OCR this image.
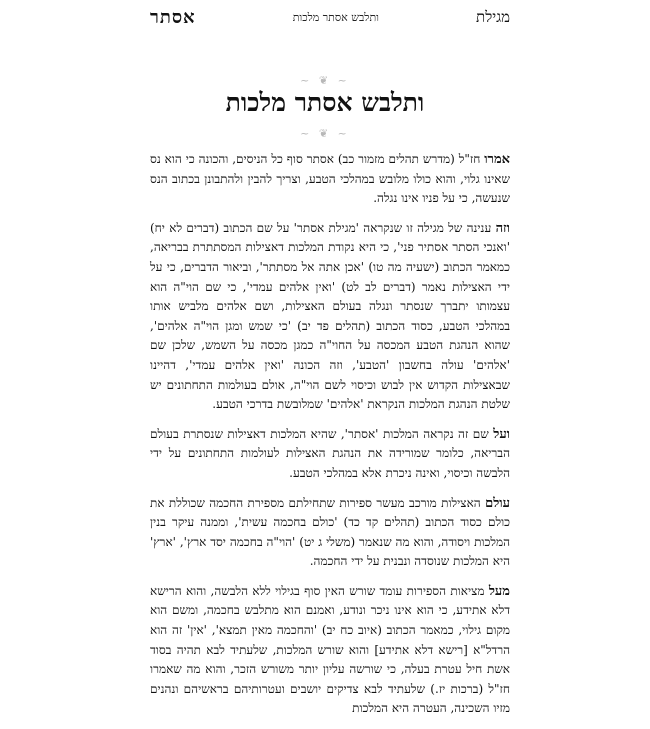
מגילת
ותלבש אסתר מלכות
אסתר
~ ❦ ~
ותלבש אסתר מלכות
~ ❦ ~

אמרו חז"ל (מדרש תהלים מזמור כב) אסתר סוף כל הניסים, והכונה כי הוא נס שאינו גלוי, והוא כולו מלובש במהלכי הטבע, וצריך להבין ולהתבונן בכתוב הנס שנעשה, כי על פניו אינו נגלה.

וזה ענינה של מגילה זו שנקראה 'מגילת אסתר' על שם הכתוב (דברים לא יח) 'ואנכי הסתר אסתיר פני', כי היא נקודת המלכות דאצילות המסתתרת בבריאה, כמאמר הכתוב (ישעיה מה טו) 'אכן אתה אל מסתתר', וביאור הדברים, כי על ידי האצילות נאמר (דברים לב לט) 'ואין אלהים עמדי', כי שם הוי"ה הוא עצמותו יתברך שנסתר ונגלה בעולם האצילות, ושם אלהים מלביש אותו במהלכי הטבע, כסוד הכתוב (תהלים פד יב) 'כי שמש ומגן הוי"ה אלהים', שהוא הנהגת הטבע המכסה על החוי"ה כמגן מכסה על השמש, שלכן שם 'אלהים' עולה בחשבון 'הטבע', וזה הכונה 'ואין אלהים עמדי', דהיינו שבאצילות הקדוש אין לבוש וכיסוי לשם הוי"ה, אולם בעולמות התחתונים יש שלטת הנהגת המלכות הנקראת 'אלהים' שמלובשת בדרכי הטבע.

ועל שם זה נקראה המלכות 'אסתר', שהיא המלכות דאצילות שנסתרת בעולם הבריאה, כלומר שמורידה את הנהגת האצילות לעולמות התחתונים על ידי הלבשה וכיסוי, ואינה ניכרת אלא במהלכי הטבע.

עולם האצילות מורכב מעשר ספירות שתחילתם מספירת החכמה שכוללת את כולם כסוד הכתוב (תהלים קד כד) 'כולם בחכמה עשית', וממנה עיקר בנין המלכות ויסודה, והוא מה שנאמר (משלי ג יט) 'הוי"ה בחכמה יסד ארץ', 'ארץ' היא המלכות שנוסדה ונבנית על ידי החכמה.

מעל מציאות הספירות עומד שורש האין סוף בגילוי ללא הלבשה, והוא הרישא דלא אתידע, כי הוא אינו ניכר ונודע, ואמנם הוא מתלבש בחכמה, ומשם הוא מקום גילוי, כמאמר הכתוב (איוב כח יב) 'והחכמה מאין תמצא', 'אין' זה הוא הרדל"א [רישא דלא אתידע] והוא שורש המלכות, שלעתיד לבא תהיה בסוד אשת חיל עטרת בעלה, כי שורשה עליון יותר משורש הזכר, והוא מה שאמרו חז"ל (ברכות יז.) שלעתיד לבא צדיקים יושבים ועטרותיהם בראשיהם ונהנים מזיו השכינה, העטרה היא המלכות
